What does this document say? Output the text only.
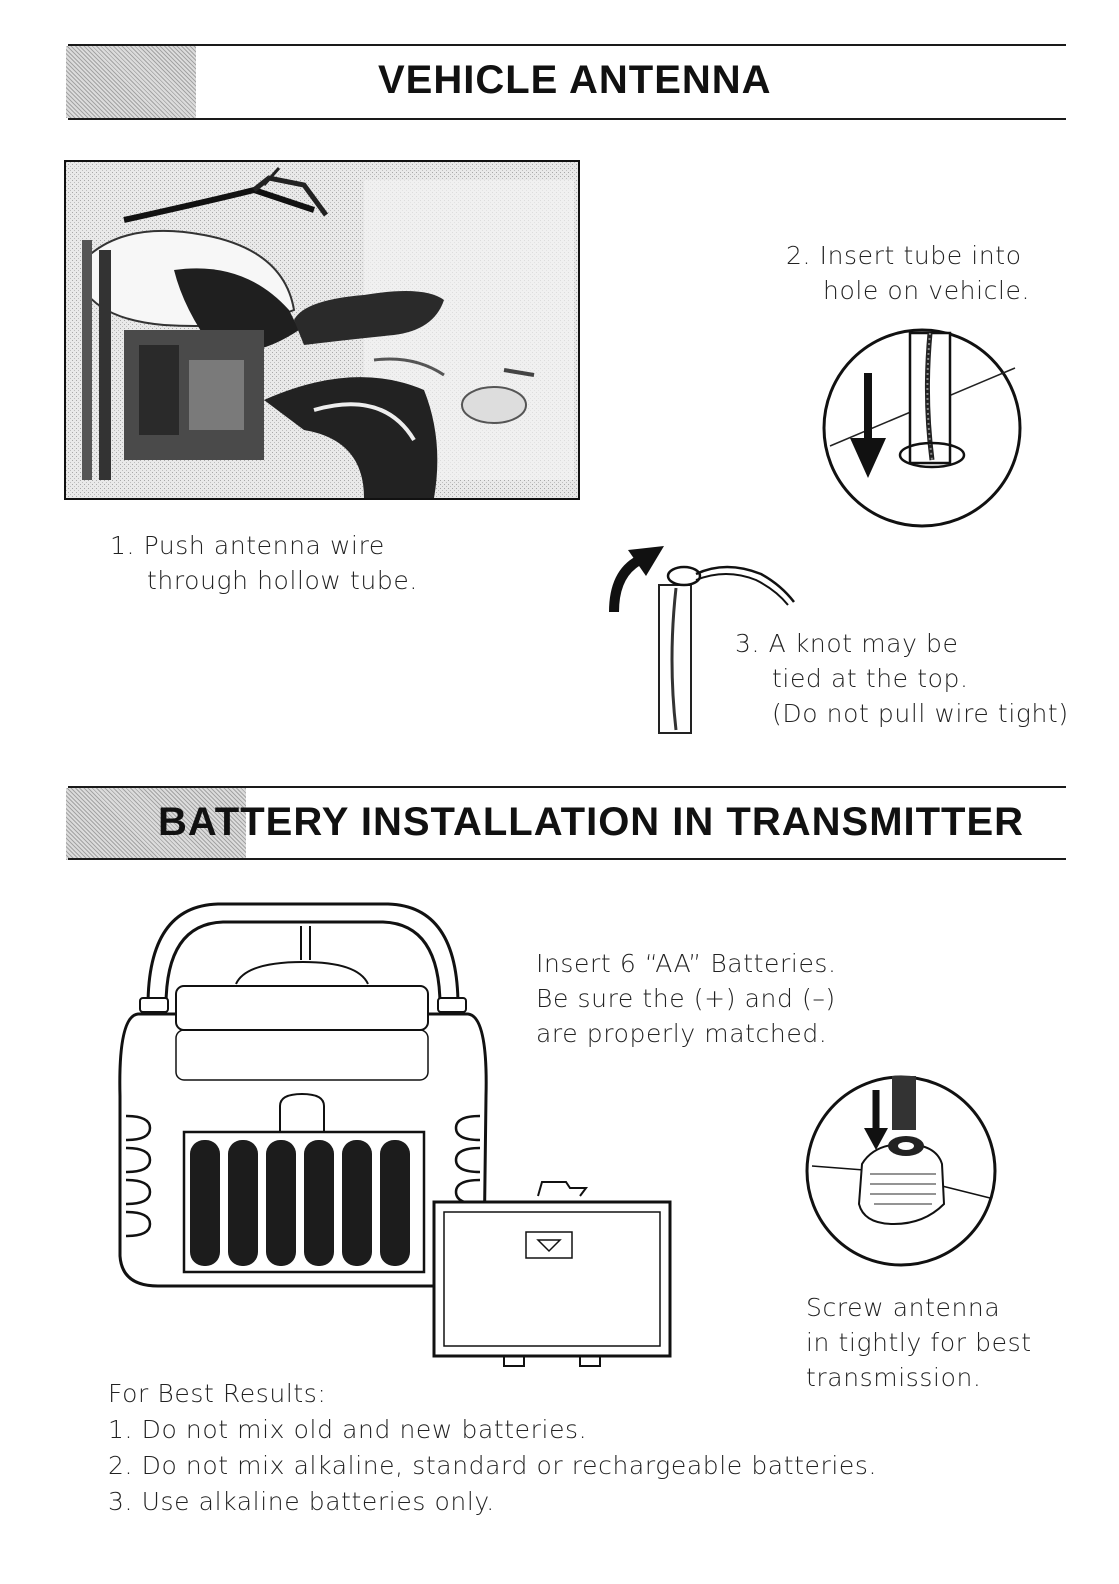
VEHICLE ANTENNA
1. Push antenna wire
through hollow tube.
2. Insert tube into
hole on vehicle.
3. A knot may be
tied at the top.
(Do not pull wire tight)
BATTERY INSTALLATION IN TRANSMITTER
Insert 6 “AA” Batteries.
Be sure the (+) and (–)
are properly matched.
Screw antenna
in tightly for best
transmission.
For Best Results:
1. Do not mix old and new batteries.
2. Do not mix alkaline, standard or rechargeable batteries.
3. Use alkaline batteries only.
